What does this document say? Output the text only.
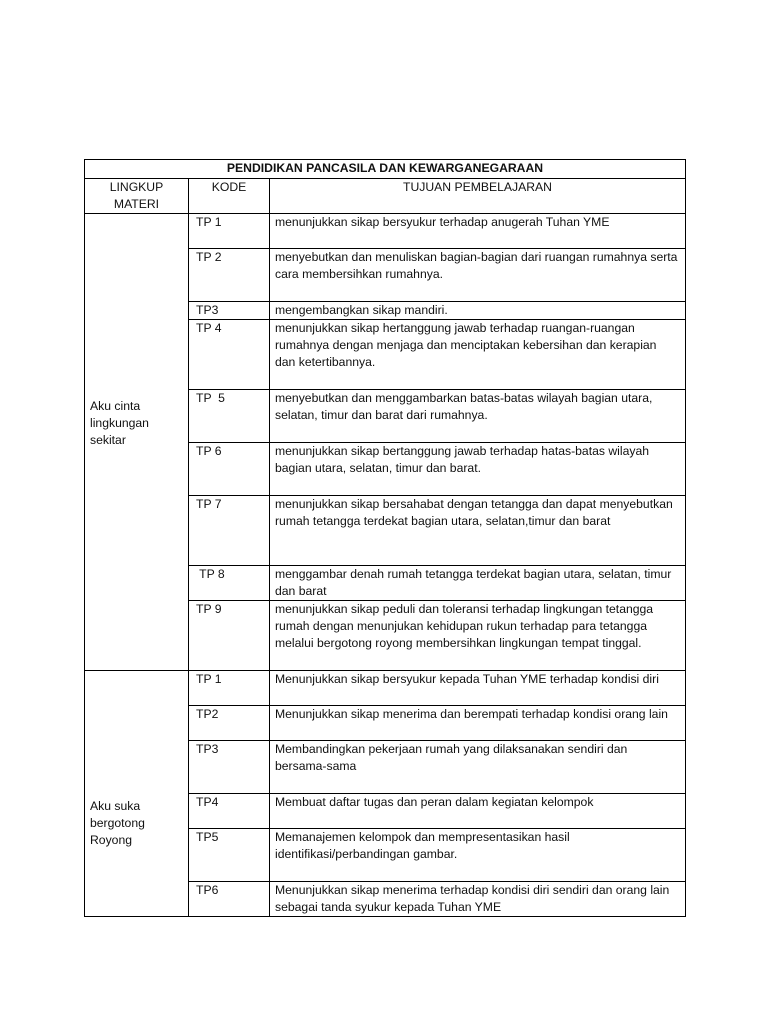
PENDIDIKAN PANCASILA DAN KEWARGANEGARAAN		
LINGKUP MATERI	KODE	TUJUAN PEMBELAJARAN

Aku cinta lingkungan sekitar	TP 1	menunjukkan sikap bersyukur terhadap anugerah Tuhan YME
	TP 2	menyebutkan dan menuliskan bagian-bagian dari ruangan rumahnya serta cara membersihkan rumahnya.
	TP3	mengembangkan sikap mandiri.
	TP 4	menunjukkan sikap hertanggung jawab terhadap ruangan-ruangan rumahnya dengan menjaga dan menciptakan kebersihan dan kerapian dan ketertibannya.
	TP  5	menyebutkan dan menggambarkan batas-batas wilayah bagian utara, selatan, timur dan barat dari rumahnya.
	TP 6	menunjukkan sikap bertanggung jawab terhadap hatas-batas wilayah bagian utara, selatan, timur dan barat.
	TP 7	menunjukkan sikap bersahabat dengan tetangga dan dapat menyebutkan rumah tetangga terdekat bagian utara, selatan,timur dan barat
	TP 8	menggambar denah rumah tetangga terdekat bagian utara, selatan, timur dan barat
	TP 9	menunjukkan sikap peduli dan toleransi terhadap lingkungan tetangga rumah dengan menunjukan kehidupan rukun terhadap para tetangga melalui bergotong royong membersihkan lingkungan tempat tinggal.

Aku suka bergotong Royong	TP 1	Menunjukkan sikap bersyukur kepada Tuhan YME terhadap kondisi diri
	TP2	Menunjukkan sikap menerima dan berempati terhadap kondisi orang lain
	TP3	Membandingkan pekerjaan rumah yang dilaksanakan sendiri dan bersama-sama
	TP4	Membuat daftar tugas dan peran dalam kegiatan kelompok
	TP5	Memanajemen kelompok dan mempresentasikan hasil identifikasi/perbandingan gambar.
	TP6	Menunjukkan sikap menerima terhadap kondisi diri sendiri dan orang lain sebagai tanda syukur kepada Tuhan YME
